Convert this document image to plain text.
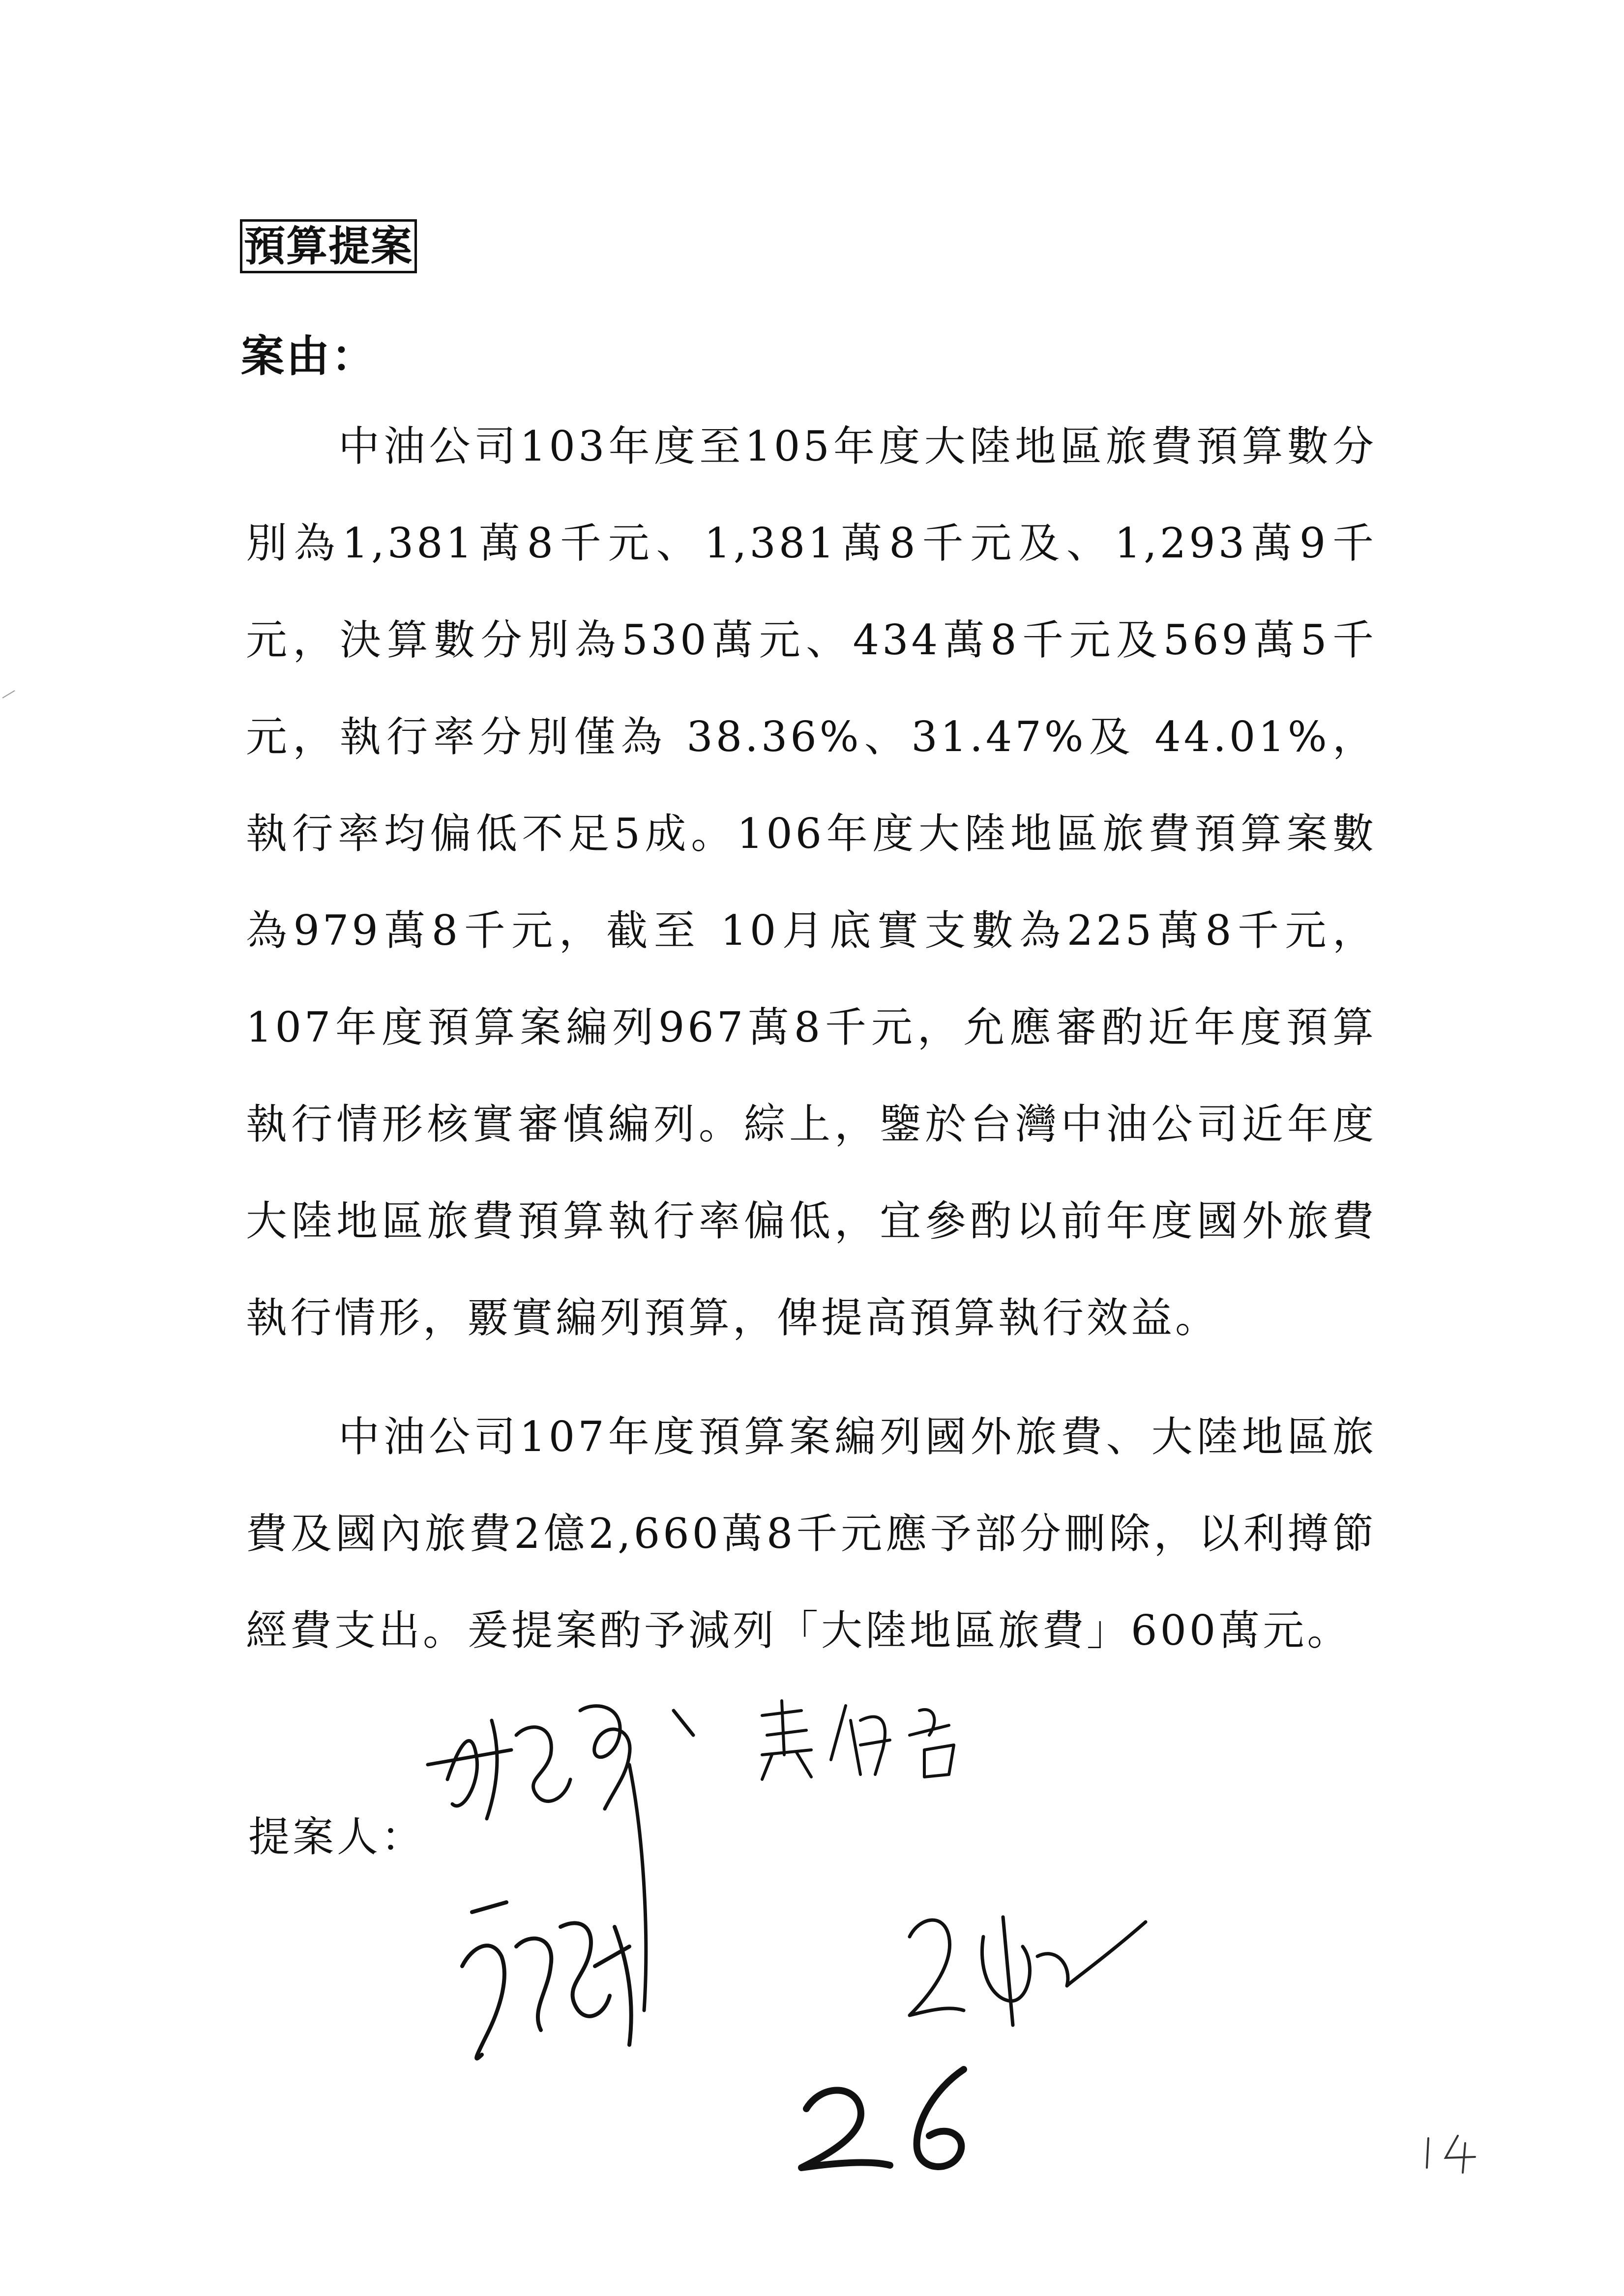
預算提案
案由：

中油公司103年度至105年度大陸地區旅費預算數分別為1,381萬8千元、1,381萬8千元及、1,293萬9千元，決算數分別為530萬元、434萬8千元及569萬5千元，執行率分別僅為 38.36%、31.47%及 44.01%，執行率均偏低不足5成。106年度大陸地區旅費預算案數為979萬8千元，截至 10月底實支數為225萬8千元，107年度預算案編列967萬8千元，允應審酌近年度預算執行情形核實審慎編列。綜上，鑒於台灣中油公司近年度大陸地區旅費預算執行率偏低，宜參酌以前年度國外旅費執行情形，覈實編列預算，俾提高預算執行效益。

中油公司107年度預算案編列國外旅費、大陸地區旅費及國內旅費2億2,660萬8千元應予部分刪除，以利撙節經費支出。爰提案酌予減列「大陸地區旅費」600萬元。

提案人：
